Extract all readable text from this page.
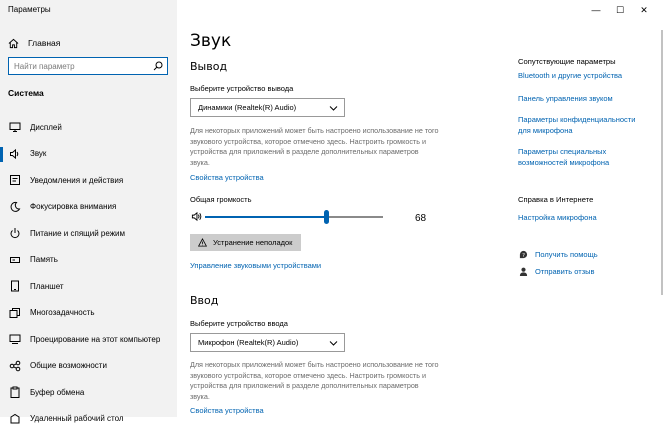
Параметры
Главная
Найти параметр
Система
Дисплей
Звук
Уведомления и действия
Фокусировка внимания
Питание и спящий режим
Память
Планшет
Многозадачность
Проецирование на этот компьютер
Общие возможности
Буфер обмена
Удаленный рабочий стол
—	☐	✕
Звук
Вывод
Выберите устройство вывода
Динамики (Realtek(R) Audio)
Для некоторых приложений может быть настроено использование не того звукового устройства, которое отмечено здесь. Настроить громкость и устройства для приложений в разделе дополнительных параметров звука.
Свойства устройства
Общая громкость
68
Устранение неполадок
Управление звуковыми устройствами
Ввод
Выберите устройство ввода
Микрофон (Realtek(R) Audio)
Для некоторых приложений может быть настроено использование не того звукового устройства, которое отмечено здесь. Настроить громкость и устройства для приложений в разделе дополнительных параметров звука.
Свойства устройства
Сопутствующие параметры
Bluetooth и другие устройства
Панель управления звуком
Параметры конфиденциальности для микрофона
Параметры специальных возможностей микрофона
Справка в Интернете
Настройка микрофона
? Получить помощь
Отправить отзыв
